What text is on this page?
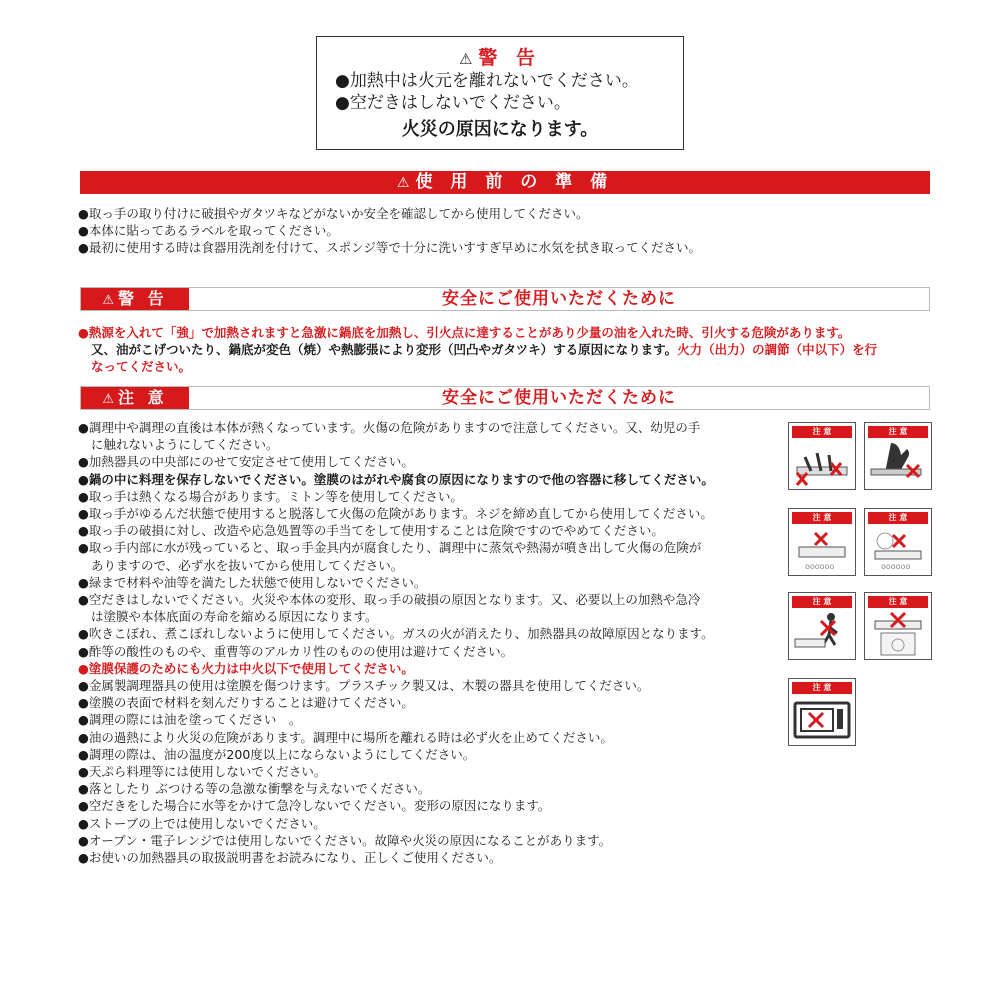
⚠ 警 告
●加熱中は火元を離れないでください。
●空だきはしないでください。
火災の原因になります。
⚠ 使 用 前 の 準 備
●取っ手の取り付けに破損やガタツキなどがないか安全を確認してから使用してください。
●本体に貼ってあるラベルを取ってください。
●最初に使用する時は食器用洗剤を付けて、スポンジ等で十分に洗いすすぎ早めに水気を拭き取ってください。
⚠ 警 告	安全にご使用いただくために
●熱源を入れて「強」で加熱されますと急激に鍋底を加熱し、引火点に達することがあり少量の油を入れた時、引火する危険があります。
又、油がこげついたり、鍋底が変色（焼）や熱膨張により変形（凹凸やガタツキ）する原因になります。火力（出力）の調節（中以下）を行
なってください。
⚠ 注 意	安全にご使用いただくために
●調理中や調理の直後は本体が熱くなっています。火傷の危険がありますので注意してください。又、幼児の手
に触れないようにしてください。
●加熱器具の中央部にのせて安定させて使用してください。
●鍋の中に料理を保存しないでください。塗膜のはがれや腐食の原因になりますので他の容器に移してください。
●取っ手は熱くなる場合があります。ミトン等を使用してください。
●取っ手がゆるんだ状態で使用すると脱落して火傷の危険があります。ネジを締め直してから使用してください。
●取っ手の破損に対し、改造や応急処置等の手当てをして使用することは危険ですのでやめてください。
●取っ手内部に水が残っていると、取っ手金具内が腐食したり、調理中に蒸気や熱湯が噴き出して火傷の危険が
ありますので、必ず水を抜いてから使用してください。
●緑まで材料や油等を満たした状態で使用しないでください。
●空だきはしないでください。火災や本体の変形、取っ手の破損の原因となります。又、必要以上の加熱や急冷
は塗膜や本体底面の寿命を縮める原因になります。
●吹きこぼれ、煮こぼれしないように使用してください。ガスの火が消えたり、加熱器具の故障原因となります。
●酢等の酸性のものや、重曹等のアルカリ性のものの使用は避けてください。
●塗膜保護のためにも火力は中火以下で使用してください。
●金属製調理器具の使用は塗膜を傷つけます。プラスチック製又は、木製の器具を使用してください。
●塗膜の表面で材料を刻んだりすることは避けてください。
●調理の際には油を塗ってください　。
●油の過熱により火災の危険があります。調理中に場所を離れる時は必ず火を止めてください。
●調理の際は、油の温度が200度以上にならないようにしてください。
●天ぷら料理等には使用しないでください。
●落としたり ぶつける等の急激な衝撃を与えないでください。
●空だきをした場合に水等をかけて急冷しないでください。変形の原因になります。
●ストーブの上では使用しないでください。
●オーブン・電子レンジでは使用しないでください。故障や火災の原因になることがあります。
●お使いの加熱器具の取扱説明書をお読みになり、正しくご使用ください。
注 意	注 意
注 意
oooooo
注 意
oooooo
注 意	注 意
注 意
